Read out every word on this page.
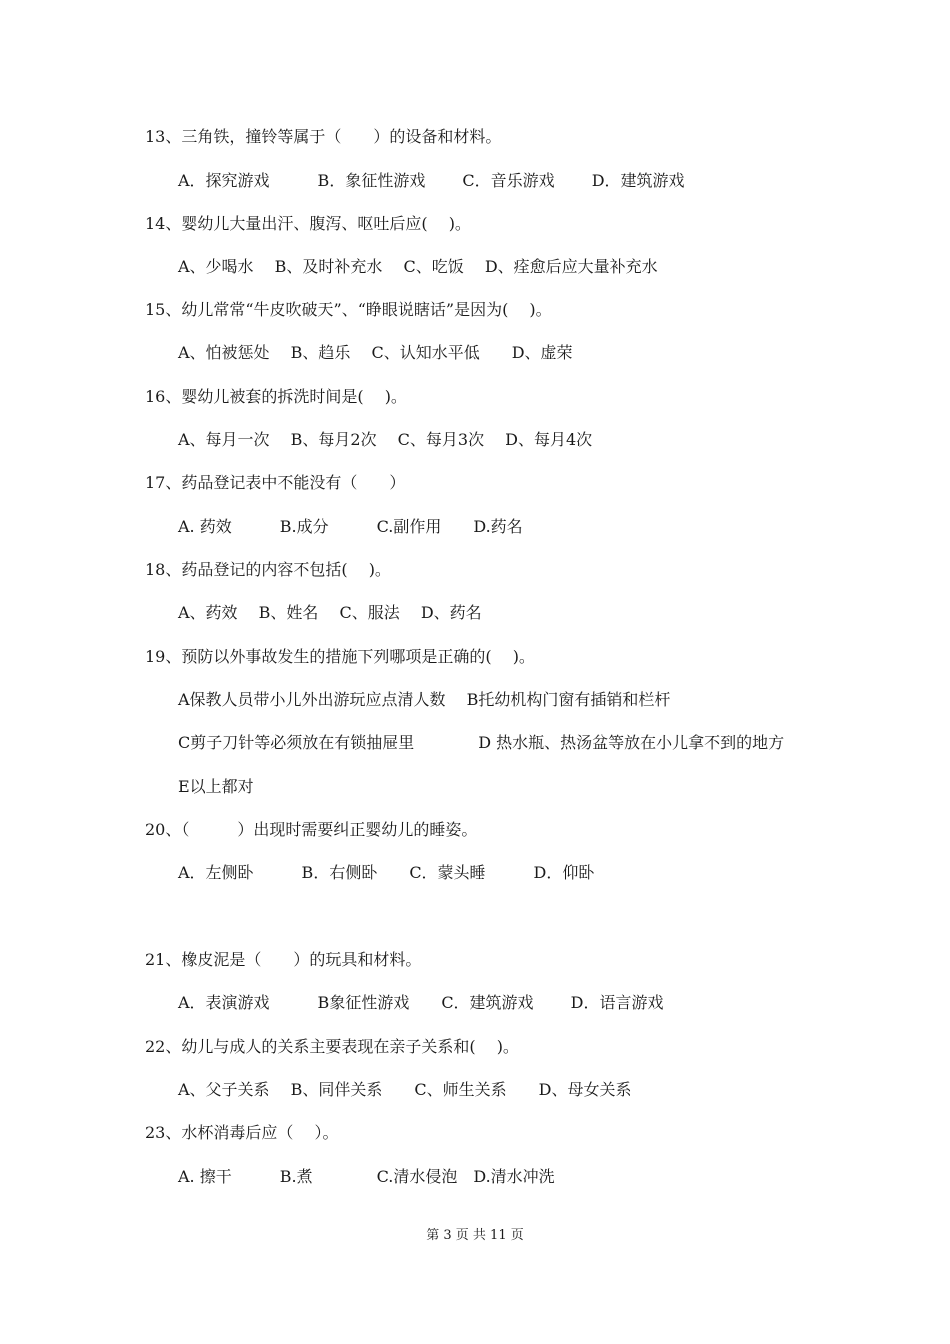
13、三角铁，撞铃等属于（　　）的设备和材料。
A．探究游戏　　　B．象征性游戏　　 C．音乐游戏　　 D．建筑游戏
14、婴幼儿大量出汗、腹泻、呕吐后应(　 )。
A、少喝水　 B、及时补充水　 C、吃饭　 D、痊愈后应大量补充水
15、幼儿常常“牛皮吹破天”、“睁眼说瞎话”是因为(　 )。
A、怕被惩处　 B、趋乐　 C、认知水平低　　D、虚荣
16、婴幼儿被套的拆洗时间是(　 )。
A、每月一次　 B、每月2次　 C、每月3次　 D、每月4次
17、药品登记表中不能没有（　　）
A. 药效　　　B.成分　　　C.副作用　　D.药名
18、药品登记的内容不包括(　 )。
A、药效　 B、姓名　 C、服法　 D、药名
19、预防以外事故发生的措施下列哪项是正确的(　 )。
A保教人员带小儿外出游玩应点清人数　 B托幼机构门窗有插销和栏杆
C剪子刀针等必须放在有锁抽屉里　　　　D 热水瓶、热汤盆等放在小儿拿不到的地方
E以上都对
20、（　　　）出现时需要纠正婴幼儿的睡姿。
A．左侧卧　　　B．右侧卧　　C．蒙头睡　　　D．仰卧
21、橡皮泥是（　　）的玩具和材料。
A．表演游戏　　　B象征性游戏　　C．建筑游戏　　 D．语言游戏
22、幼儿与成人的关系主要表现在亲子关系和(　 )。
A、父子关系　 B、同伴关系　　C、师生关系　　D、母女关系
23、水杯消毒后应（　 ）。
A. 擦干　　　B.煮　　　　C.清水侵泡　D.清水冲洗
第 3 页 共 11 页
